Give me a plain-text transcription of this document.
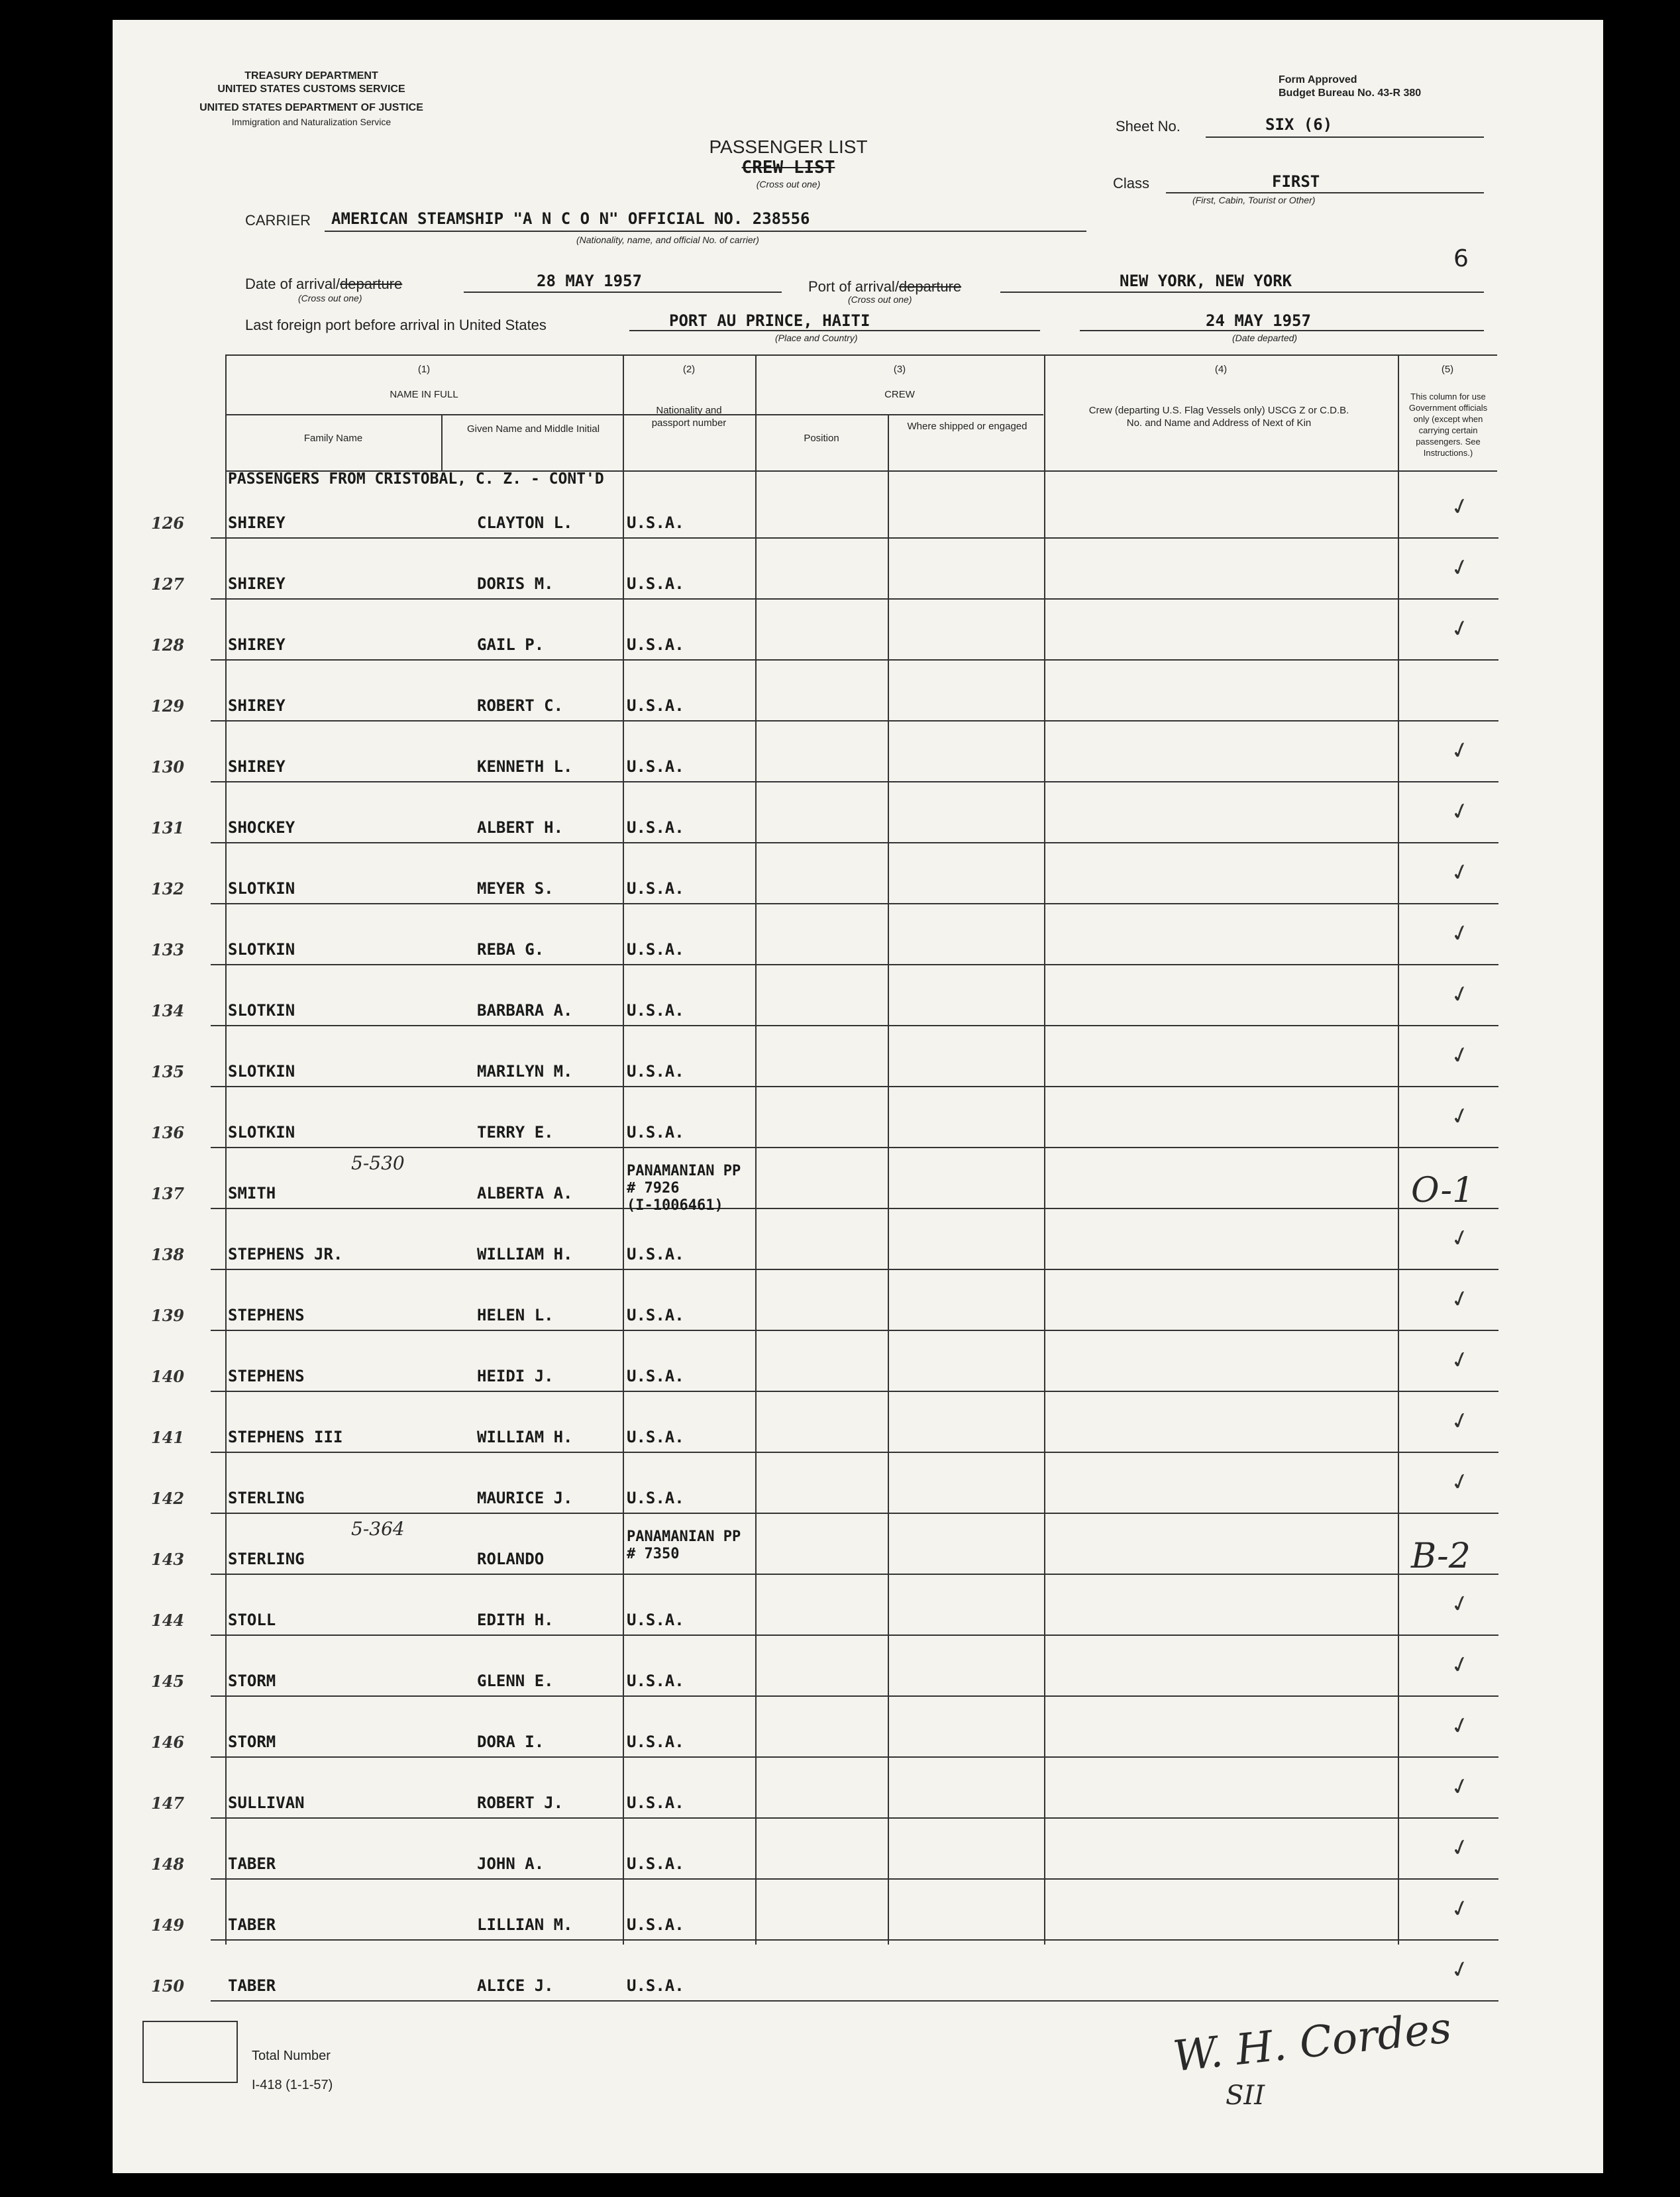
TREASURY DEPARTMENT
UNITED STATES CUSTOMS SERVICE
UNITED STATES DEPARTMENT OF JUSTICE
Immigration and Naturalization Service
Form Approved
Budget Bureau No. 43-R 380
PASSENGER LIST
CREW LIST
(Cross out one)
Sheet No.	SIX (6)
Class	FIRST
(First, Cabin, Tourist or Other)
CARRIER AMERICAN STEAMSHIP "A N C O N" OFFICIAL NO. 238556
(Nationality, name, and official No. of carrier)
Date of arrival/departure
(Cross out one)
28 MAY 1957	Port of arrival/departure
(Cross out one)
NEW YORK, NEW YORK
6
Last foreign port before arrival in United States	PORT AU PRINCE, HAITI
(Place and Country)
24 MAY 1957
(Date departed)
(1)
NAME IN FULL
Family Name
Given Name and Middle Initial
(2)
Nationality and passport number
(3)
CREW
Position
Where shipped or engaged
(4)
Crew (departing U.S. Flag Vessels only) USCG Z or C.D.B. No. and Name and Address of Next of Kin
(5)
This column for use Government officials only (except when carrying certain passengers. See Instructions.)
PASSENGERS FROM CRISTOBAL, C. Z. - CONT'D
126	SHIREY	CLAYTON L.	U.S.A.
✓
127	SHIREY	DORIS M.	U.S.A.
✓
128	SHIREY	GAIL P.	U.S.A.
✓
129	SHIREY	ROBERT C.	U.S.A.
130	SHIREY	KENNETH L.	U.S.A.
✓
131	SHOCKEY	ALBERT H.	U.S.A.
✓
132	SLOTKIN	MEYER S.	U.S.A.
✓
133	SLOTKIN	REBA G.	U.S.A.
✓
134	SLOTKIN	BARBARA A.	U.S.A.
✓
135	SLOTKIN	MARILYN M.	U.S.A.
✓
136	SLOTKIN	TERRY E.	U.S.A.
✓
137	SMITH	ALBERTA A.
PANAMANIAN PP
# 7926
(I-1006461)
5-530
O-1
138	STEPHENS JR.	WILLIAM H.	U.S.A.
✓
139	STEPHENS	HELEN L.	U.S.A.
✓
140	STEPHENS	HEIDI J.	U.S.A.
✓
141	STEPHENS III	WILLIAM H.	U.S.A.
✓
142	STERLING	MAURICE J.	U.S.A.
✓
143	STERLING	ROLANDO
PANAMANIAN PP
# 7350
5-364
B-2
144	STOLL	EDITH H.	U.S.A.
✓
145	STORM	GLENN E.	U.S.A.
✓
146	STORM	DORA I.	U.S.A.
✓
147	SULLIVAN	ROBERT J.	U.S.A.
✓
148	TABER	JOHN A.	U.S.A.
✓
149	TABER	LILLIAN M.	U.S.A.
✓
150	TABER	ALICE J.	U.S.A.
✓
Total Number
I-418 (1-1-57)
W. H. Cordes
SII
